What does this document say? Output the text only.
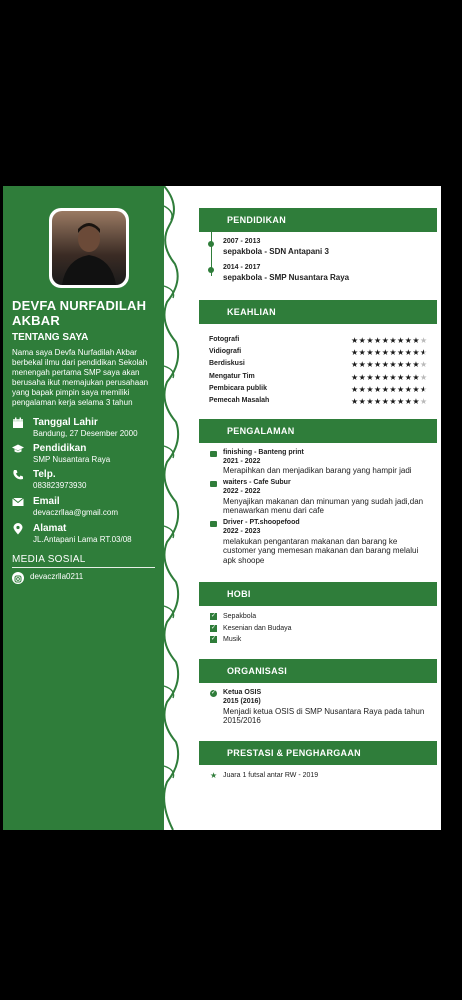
DEVFA NURFADILAH
AKBAR
TENTANG SAYA
Nama saya Devfa Nurfadilah Akbar
berbekal ilmu dari pendidikan Sekolah
menengah pertama SMP saya akan
berusaha ikut memajukan perusahaan
yang bapak pimpin saya memiliki
pengalaman kerja selama 3 tahun
Tanggal Lahir
Bandung, 27 Desember 2000
Pendidikan
SMP Nusantara Raya
Telp.
083823973930
Email
devaczrllaa@gmail.com
Alamat
JL.Antapani Lama RT.03/08
MEDIA SOSIAL
devaczrlla0211
PENDIDIKAN
2007 - 2013
sepakbola - SDN Antapani 3
2014 - 2017
sepakbola - SMP Nusantara Raya
KEAHLIAN
Fotografi	★★★★★★★★★★
Vidiografi	★★★★★★★★★★
Berdiskusi	★★★★★★★★★★
Mengatur Tim	★★★★★★★★★★
Pembicara publik	★★★★★★★★★★
Pemecah Masalah	★★★★★★★★★★
PENGALAMAN
finishing - Banteng print
2021 - 2022
Merapihkan dan menjadikan barang yang hampir jadi
waiters - Cafe Subur
2022 - 2022
Menyajikan makanan dan minuman yang sudah jadi,dan
menawarkan menu dari cafe
Driver - PT.shoopefood
2022 - 2023
melakukan pengantaran makanan dan barang ke
customer yang memesan makanan dan barang melalui
apk shoope
HOBI
✓ Sepakbola
✓ Kesenian dan Budaya
✓ Musik
ORGANISASI
✓ Ketua OSIS
2015 (2016)
Menjadi ketua OSIS di SMP Nusantara Raya pada tahun
2015/2016
PRESTASI & PENGHARGAAN
★ Juara 1 futsal antar RW - 2019
